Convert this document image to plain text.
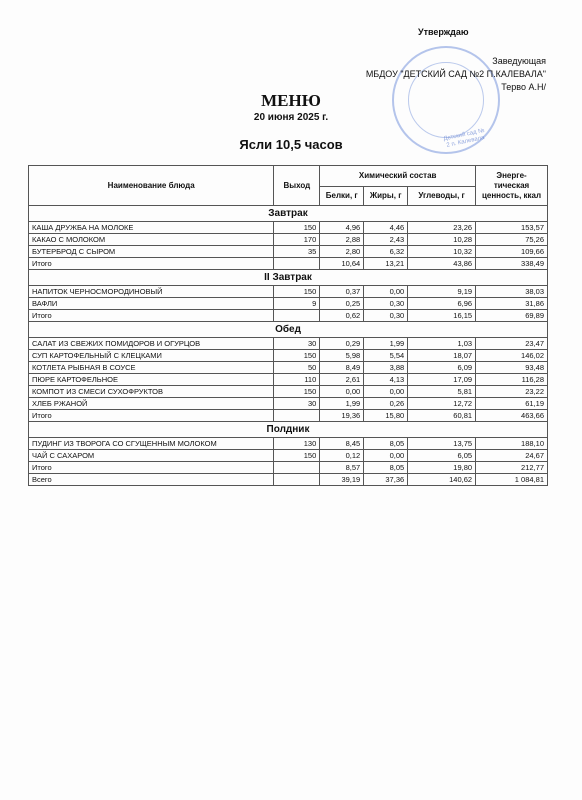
Утверждаю
Детский сад № 2 п. Калевала
Заведующая
МБДОУ "ДЕТСКИЙ САД №2 П.КАЛЕВАЛА"
Терво А.Н/
МЕНЮ
20 июня 2025 г.
Ясли 10,5 часов
Наименование блюда	Выход	Химический состав			Энерге-тическая ценность, ккал
		Белки, г	Жиры, г	Углеводы, г	
Завтрак					
КАША ДРУЖБА НА МОЛОКЕ	150	4,96	4,46	23,26	153,57
КАКАО С МОЛОКОМ	170	2,88	2,43	10,28	75,26
БУТЕРБРОД С СЫРОМ	35	2,80	6,32	10,32	109,66
Итого		10,64	13,21	43,86	338,49
II Завтрак					
НАПИТОК ЧЕРНОСМОРОДИНОВЫЙ	150	0,37	0,00	9,19	38,03
ВАФЛИ	9	0,25	0,30	6,96	31,86
Итого		0,62	0,30	16,15	69,89
Обед					
САЛАТ ИЗ СВЕЖИХ ПОМИДОРОВ И ОГУРЦОВ	30	0,29	1,99	1,03	23,47
СУП КАРТОФЕЛЬНЫЙ С КЛЕЦКАМИ	150	5,98	5,54	18,07	146,02
КОТЛЕТА РЫБНАЯ В СОУСЕ	50	8,49	3,88	6,09	93,48
ПЮРЕ КАРТОФЕЛЬНОЕ	110	2,61	4,13	17,09	116,28
КОМПОТ ИЗ СМЕСИ СУХОФРУКТОВ	150	0,00	0,00	5,81	23,22
ХЛЕБ РЖАНОЙ	30	1,99	0,26	12,72	61,19
Итого		19,36	15,80	60,81	463,66
Полдник					
ПУДИНГ ИЗ ТВОРОГА СО СГУЩЕННЫМ МОЛОКОМ	130	8,45	8,05	13,75	188,10
ЧАЙ С САХАРОМ	150	0,12	0,00	6,05	24,67
Итого		8,57	8,05	19,80	212,77
Всего		39,19	37,36	140,62	1 084,81
